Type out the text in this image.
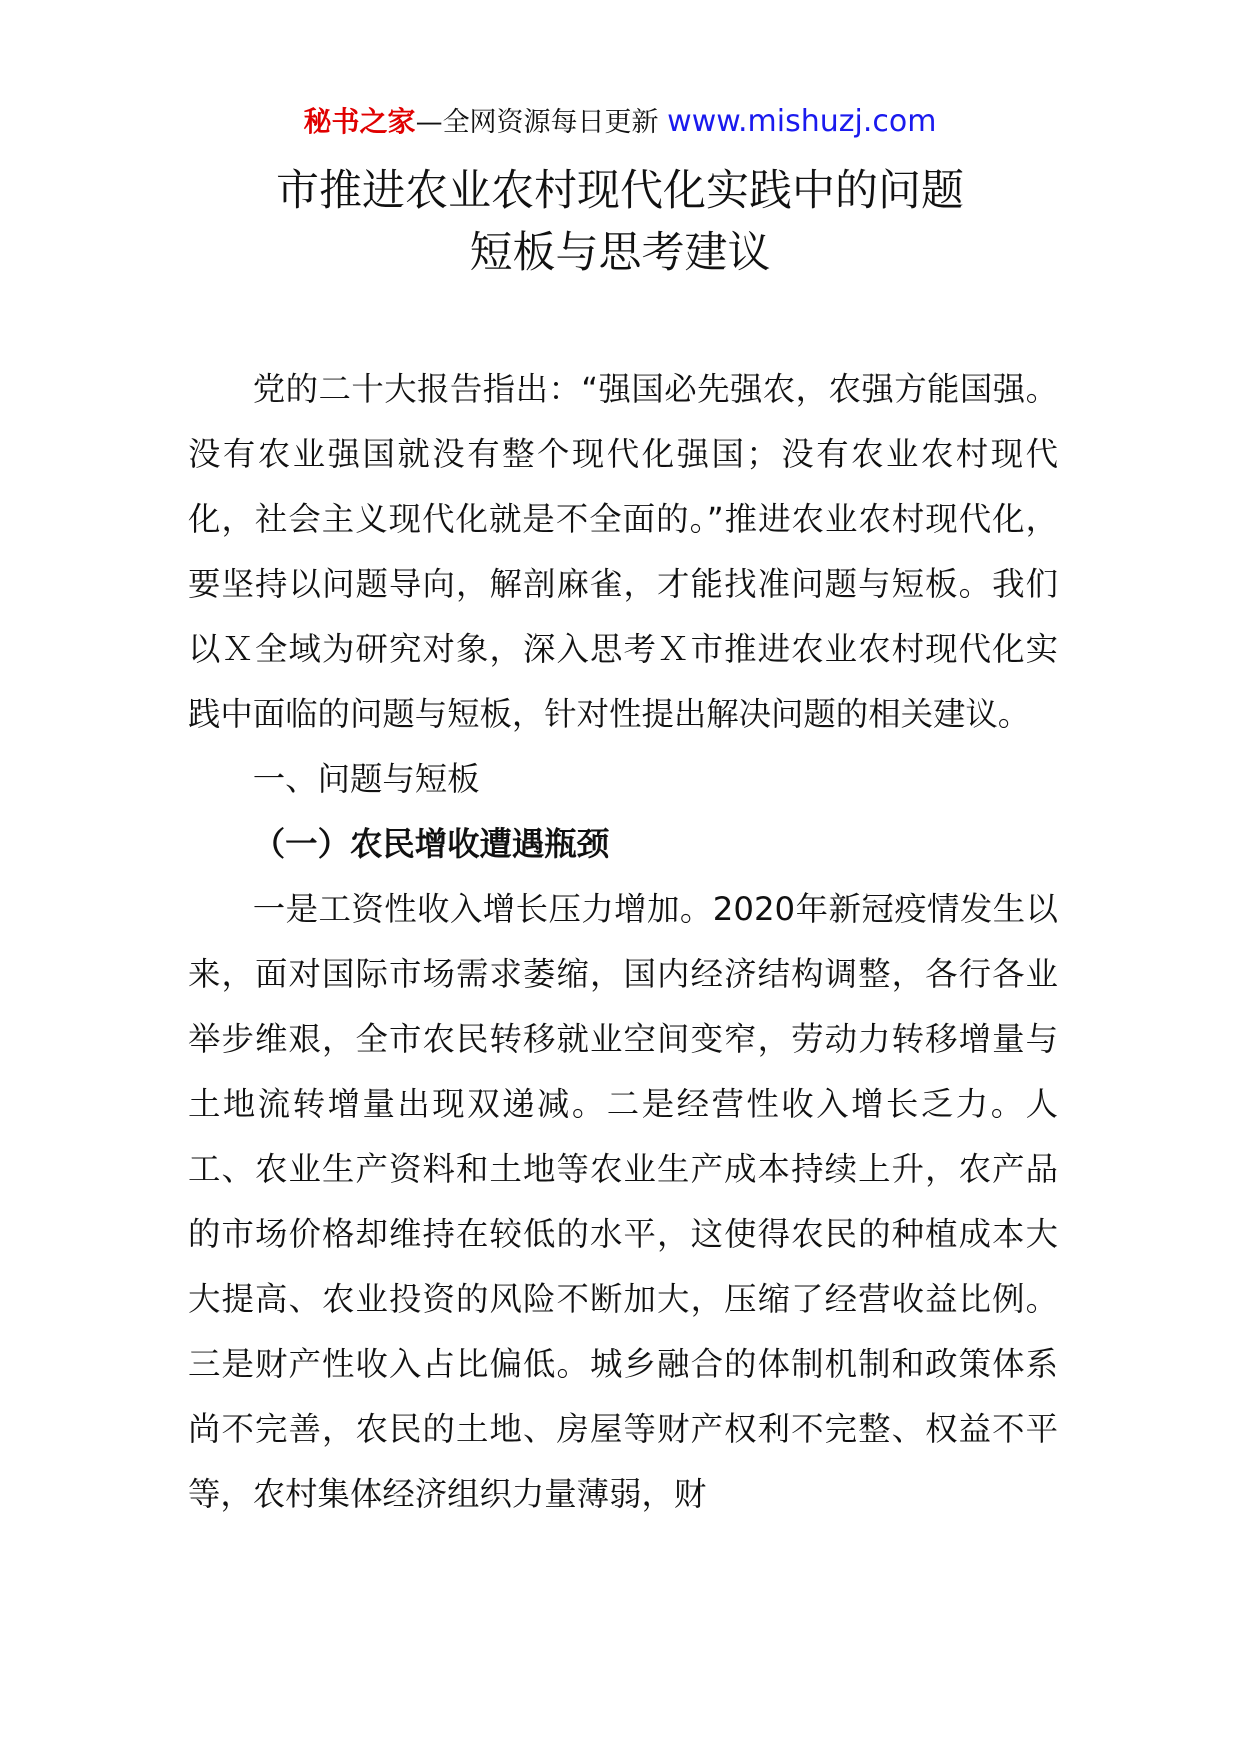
秘书之家—全网资源每日更新 www.mishuzj.com
市推进农业农村现代化实践中的问题
短板与思考建议

党的二十大报告指出：“强国必先强农，农强方能国强。没有农业强国就没有整个现代化强国；没有农业农村现代化，社会主义现代化就是不全面的。”推进农业农村现代化，要坚持以问题导向，解剖麻雀，才能找准问题与短板。我们以Ｘ全域为研究对象，深入思考Ｘ市推进农业农村现代化实践中面临的问题与短板，针对性提出解决问题的相关建议。

一、问题与短板

（一）农民增收遭遇瓶颈

一是工资性收入增长压力增加。2020年新冠疫情发生以来，面对国际市场需求萎缩，国内经济结构调整，各行各业举步维艰，全市农民转移就业空间变窄，劳动力转移增量与土地流转增量出现双递减。二是经营性收入增长乏力。人工、农业生产资料和土地等农业生产成本持续上升，农产品的市场价格却维持在较低的水平，这使得农民的种植成本大大提高、农业投资的风险不断加大，压缩了经营收益比例。三是财产性收入占比偏低。城乡融合的体制机制和政策体系尚不完善，农民的土地、房屋等财产权利不完整、权益不平等，农村集体经济组织力量薄弱，财
